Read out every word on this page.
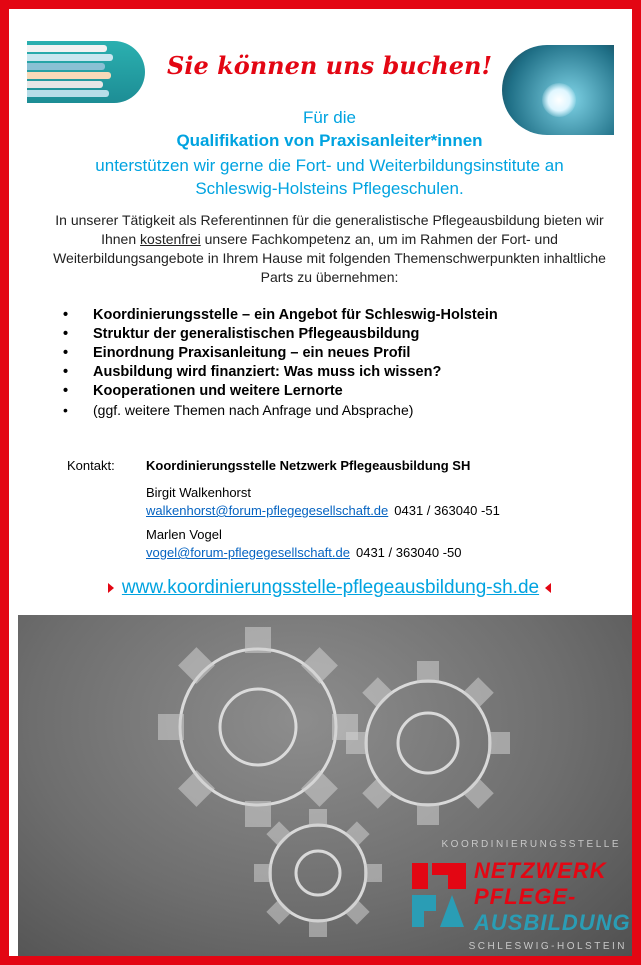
Sie können uns buchen!
Für die
Qualifikation von Praxisanleiter*innen
unterstützen wir gerne die Fort- und Weiterbildungsinstitute an
Schleswig-Holsteins Pflegeschulen.
In unserer Tätigkeit als Referentinnen für die generalistische Pflegeausbildung bieten wir Ihnen kostenfrei unsere Fachkompetenz an, um im Rahmen der Fort- und Weiterbildungsangebote in Ihrem Hause mit folgenden Themenschwerpunkten inhaltliche Parts zu übernehmen:
• Koordinierungsstelle – ein Angebot für Schleswig-Holstein
• Struktur der generalistischen Pflegeausbildung
• Einordnung Praxisanleitung – ein neues Profil
• Ausbildung wird finanziert: Was muss ich wissen?
• Kooperationen und weitere Lernorte
• (ggf. weitere Themen nach Anfrage und Absprache)
Kontakt: Koordinierungsstelle Netzwerk Pflegeausbildung SH
Birgit Walkenhorst
walkenhorst@forum-pflegegesellschaft.de 0431 / 363040 -51
Marlen Vogel
vogel@forum-pflegegesellschaft.de 0431 / 363040 -50
www.koordinierungsstelle-pflegeausbildung-sh.de
KOORDINIERUNGSSTELLE
NETZWERK
PFLEGE-
AUSBILDUNG
SCHLESWIG-HOLSTEIN
